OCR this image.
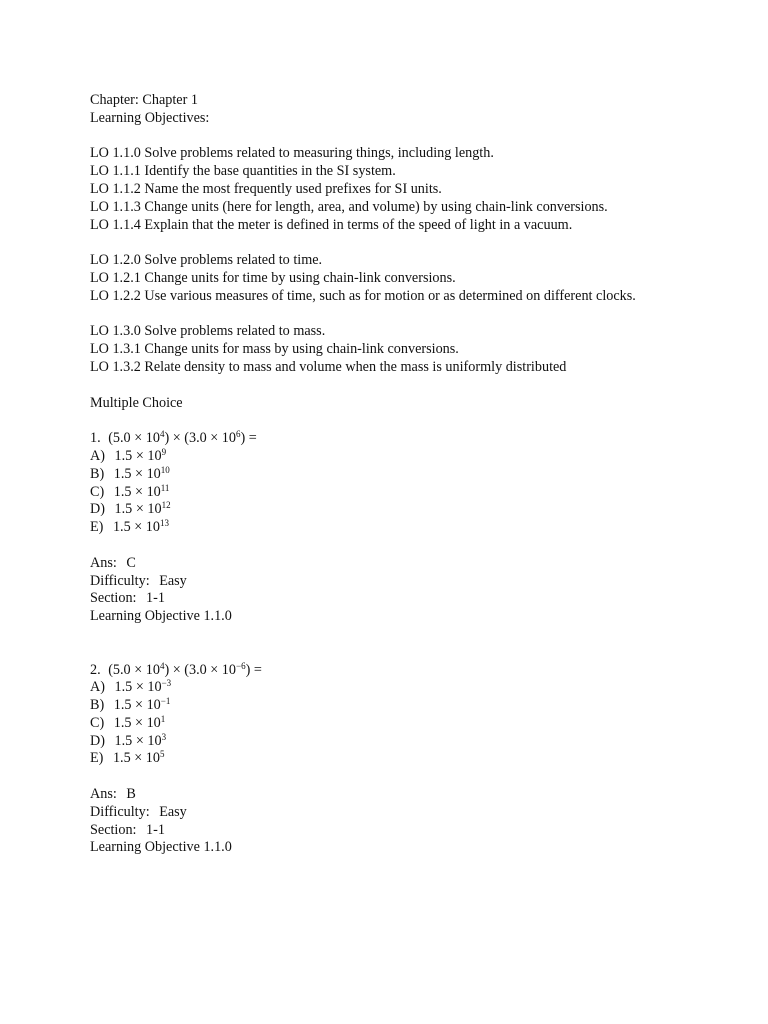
Chapter: Chapter 1
Learning Objectives:
LO 1.1.0 Solve problems related to measuring things, including length.
LO 1.1.1 Identify the base quantities in the SI system.
LO 1.1.2 Name the most frequently used prefixes for SI units.
LO 1.1.3 Change units (here for length, area, and volume) by using chain-link conversions.
LO 1.1.4 Explain that the meter is defined in terms of the speed of light in a vacuum.
LO 1.2.0 Solve problems related to time.
LO 1.2.1 Change units for time by using chain-link conversions.
LO 1.2.2 Use various measures of time, such as for motion or as determined on different clocks.
LO 1.3.0 Solve problems related to mass.
LO 1.3.1 Change units for mass by using chain-link conversions.
LO 1.3.2 Relate density to mass and volume when the mass is uniformly distributed
Multiple Choice
1. $(5.0 \times 10^4) \times (3.0 \times 10^6)$ =
A) $1.5 \times 10^9$
B) $1.5 \times 10^{10}$
C) $1.5 \times 10^{11}$
D) $1.5 \times 10^{12}$
E) $1.5 \times 10^{13}$
Ans: C
Difficulty: Easy
Section: 1-1
Learning Objective 1.1.0
2. $(5.0 \times 10^4) \times (3.0 \times 10^{-6})$ =
A) $1.5 \times 10^{-3}$
B) $1.5 \times 10^{-1}$
C) $1.5 \times 10^1$
D) $1.5 \times 10^3$
E) $1.5 \times 10^5$
Ans: B
Difficulty: Easy
Section: 1-1
Learning Objective 1.1.0
